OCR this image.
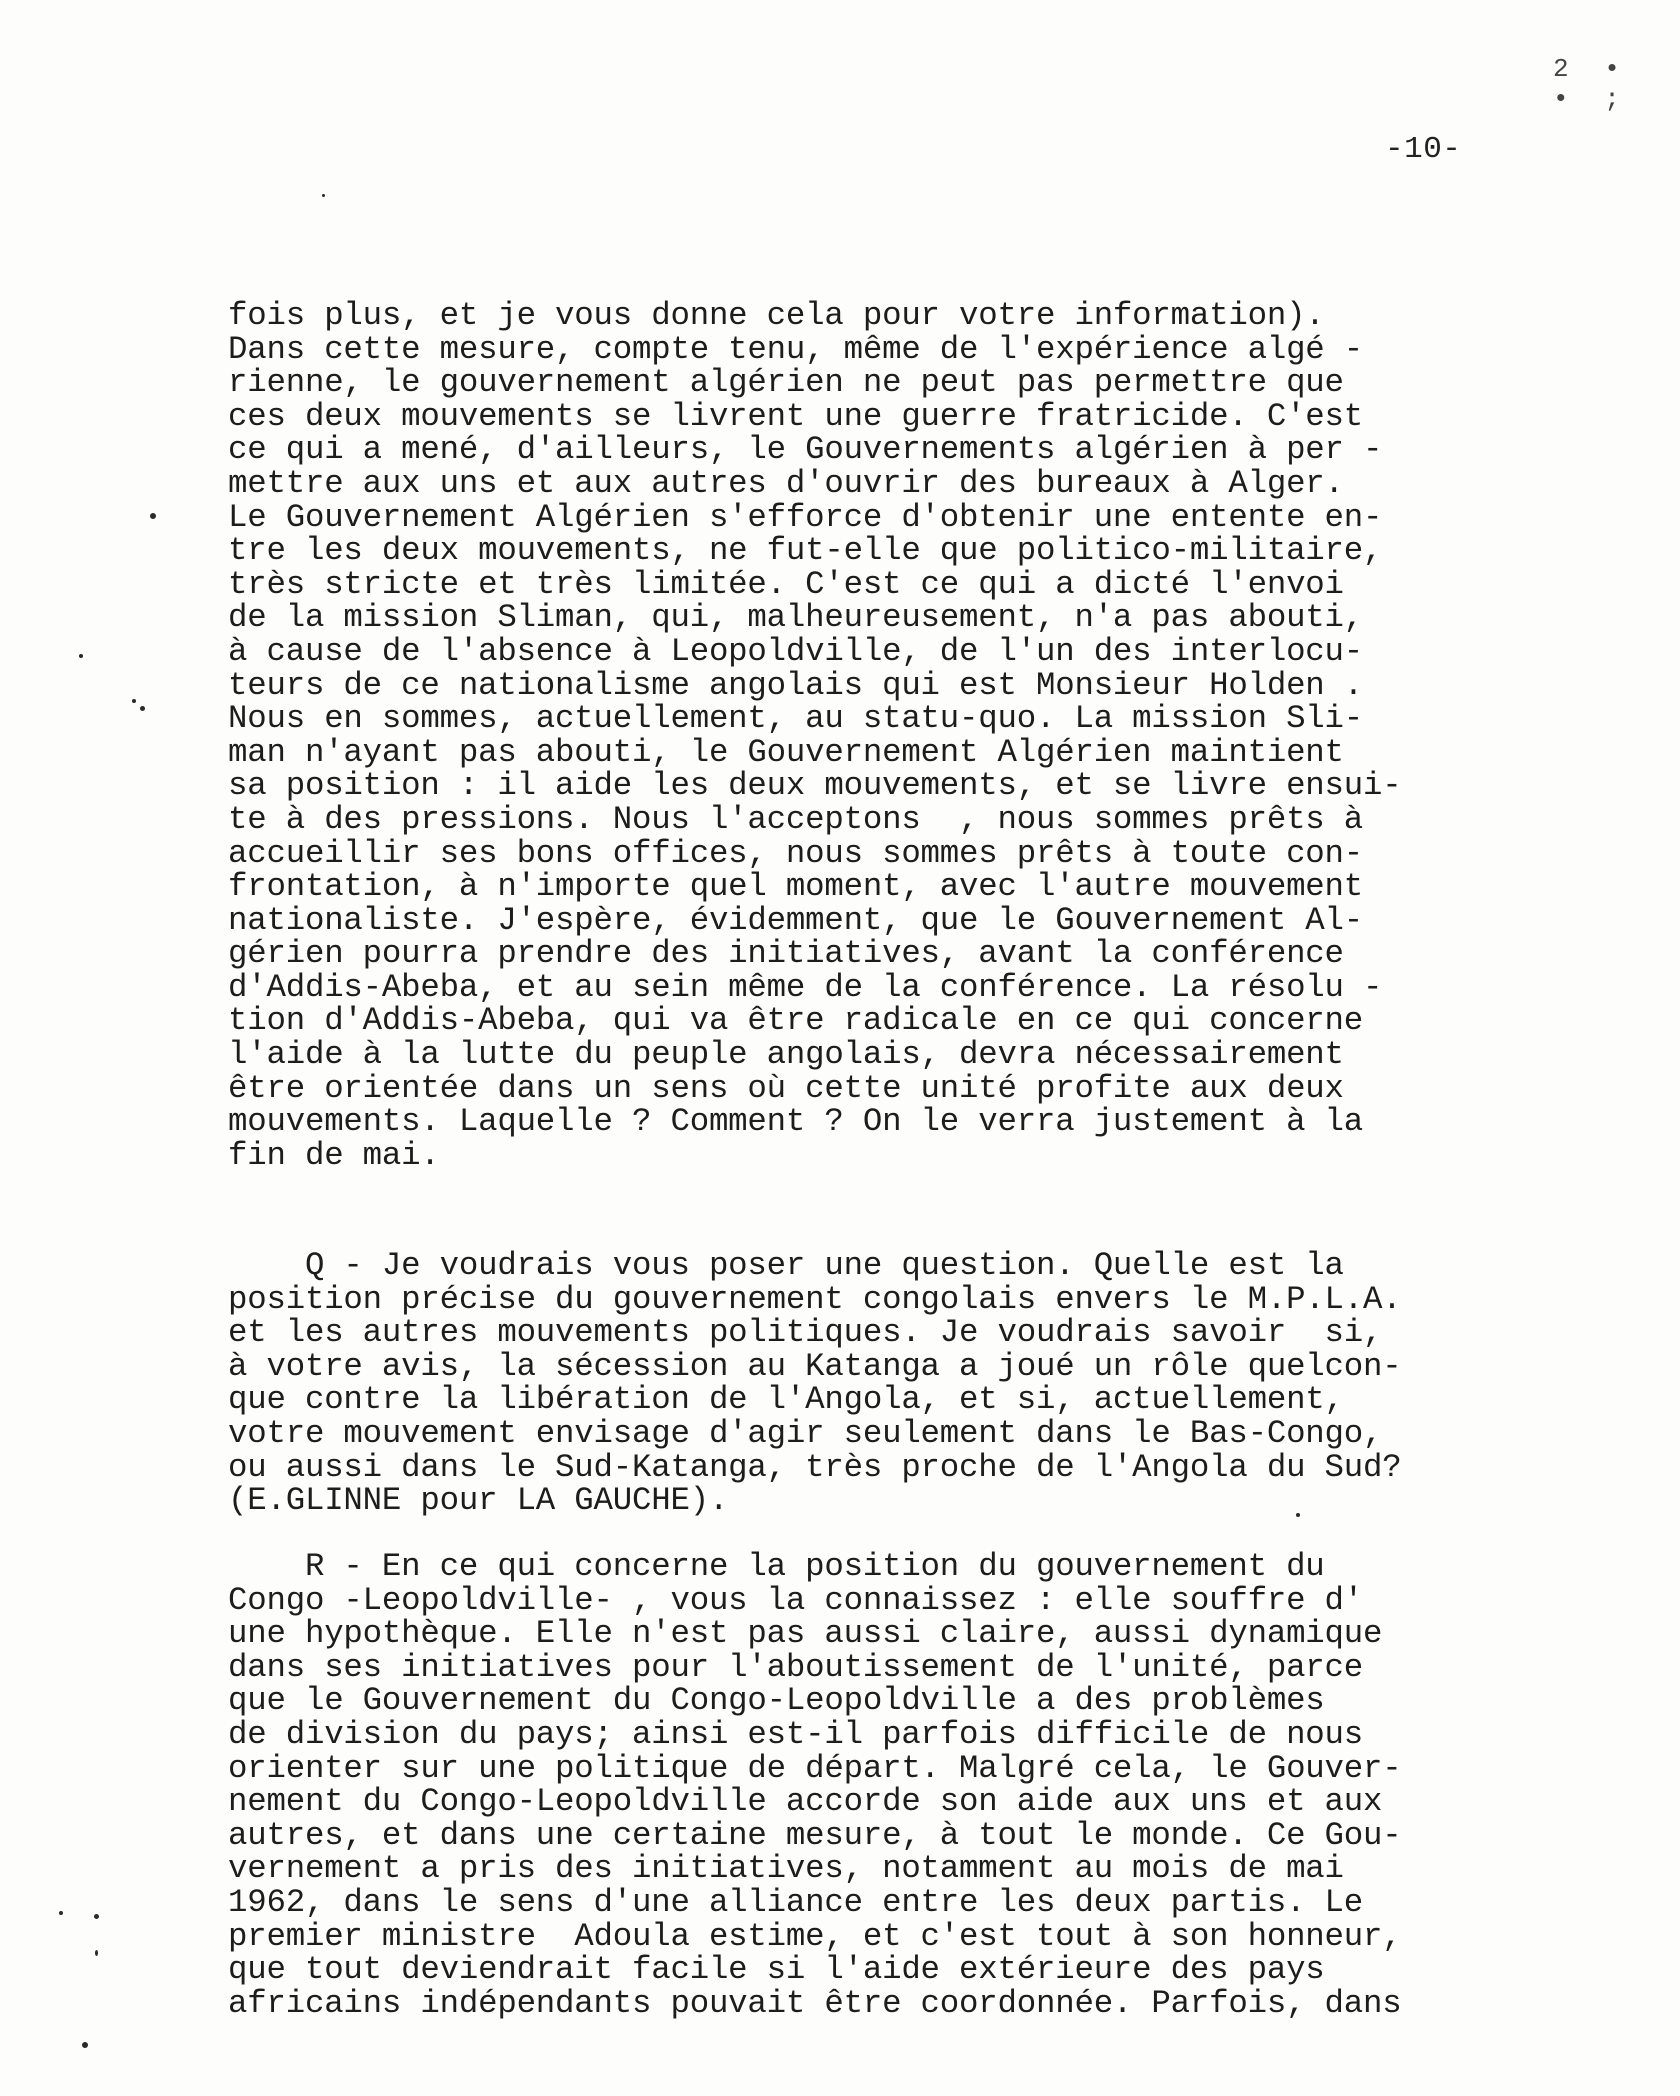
2 • • ;
-10-
fois plus, et je vous donne cela pour votre information).
Dans cette mesure, compte tenu, même de l'expérience algé -
rienne, le gouvernement algérien ne peut pas permettre que
ces deux mouvements se livrent une guerre fratricide. C'est
ce qui a mené, d'ailleurs, le Gouvernements algérien à per -
mettre aux uns et aux autres d'ouvrir des bureaux à Alger.
Le Gouvernement Algérien s'efforce d'obtenir une entente en-
tre les deux mouvements, ne fut-elle que politico-militaire,
très stricte et très limitée. C'est ce qui a dicté l'envoi
de la mission Sliman, qui, malheureusement, n'a pas abouti,
à cause de l'absence à Leopoldville, de l'un des interlocu-
teurs de ce nationalisme angolais qui est Monsieur Holden .
Nous en sommes, actuellement, au statu-quo. La mission Sli-
man n'ayant pas abouti, le Gouvernement Algérien maintient
sa position : il aide les deux mouvements, et se livre ensui-
te à des pressions. Nous l'acceptons  , nous sommes prêts à
accueillir ses bons offices, nous sommes prêts à toute con-
frontation, à n'importe quel moment, avec l'autre mouvement
nationaliste. J'espère, évidemment, que le Gouvernement Al-
gérien pourra prendre des initiatives, avant la conférence
d'Addis-Abeba, et au sein même de la conférence. La résolu -
tion d'Addis-Abeba, qui va être radicale en ce qui concerne
l'aide à la lutte du peuple angolais, devra nécessairement
être orientée dans un sens où cette unité profite aux deux
mouvements. Laquelle ? Comment ? On le verra justement à la
fin de mai.
Q - Je voudrais vous poser une question. Quelle est la
position précise du gouvernement congolais envers le M.P.L.A.
et les autres mouvements politiques. Je voudrais savoir  si,
à votre avis, la sécession au Katanga a joué un rôle quelcon-
que contre la libération de l'Angola, et si, actuellement,
votre mouvement envisage d'agir seulement dans le Bas-Congo,
ou aussi dans le Sud-Katanga, très proche de l'Angola du Sud?
(E.GLINNE pour LA GAUCHE).
R - En ce qui concerne la position du gouvernement du
Congo -Leopoldville- , vous la connaissez : elle souffre d'
une hypothèque. Elle n'est pas aussi claire, aussi dynamique
dans ses initiatives pour l'aboutissement de l'unité, parce
que le Gouvernement du Congo-Leopoldville a des problèmes
de division du pays; ainsi est-il parfois difficile de nous
orienter sur une politique de départ. Malgré cela, le Gouver-
nement du Congo-Leopoldville accorde son aide aux uns et aux
autres, et dans une certaine mesure, à tout le monde. Ce Gou-
vernement a pris des initiatives, notamment au mois de mai
1962, dans le sens d'une alliance entre les deux partis. Le
premier ministre  Adoula estime, et c'est tout à son honneur,
que tout deviendrait facile si l'aide extérieure des pays
africains indépendants pouvait être coordonnée. Parfois, dans
